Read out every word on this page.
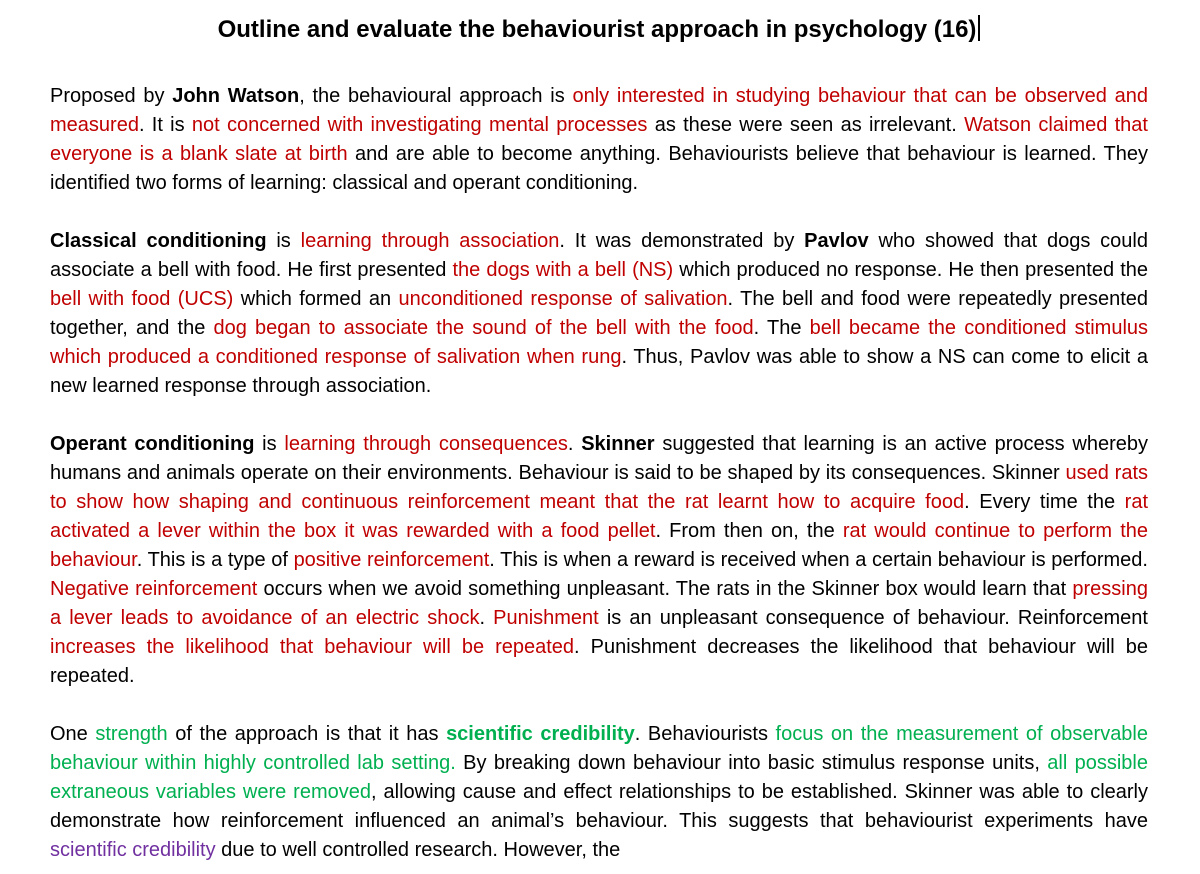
Outline and evaluate the behaviourist approach in psychology (16)

Proposed by John Watson, the behavioural approach is only interested in studying behaviour that can be observed and measured. It is not concerned with investigating mental processes as these were seen as irrelevant. Watson claimed that everyone is a blank slate at birth and are able to become anything. Behaviourists believe that behaviour is learned. They identified two forms of learning: classical and operant conditioning.

Classical conditioning is learning through association. It was demonstrated by Pavlov who showed that dogs could associate a bell with food. He first presented the dogs with a bell (NS) which produced no response. He then presented the bell with food (UCS) which formed an unconditioned response of salivation. The bell and food were repeatedly presented together, and the dog began to associate the sound of the bell with the food. The bell became the conditioned stimulus which produced a conditioned response of salivation when rung. Thus, Pavlov was able to show a NS can come to elicit a new learned response through association.

Operant conditioning is learning through consequences. Skinner suggested that learning is an active process whereby humans and animals operate on their environments. Behaviour is said to be shaped by its consequences. Skinner used rats to show how shaping and continuous reinforcement meant that the rat learnt how to acquire food. Every time the rat activated a lever within the box it was rewarded with a food pellet. From then on, the rat would continue to perform the behaviour. This is a type of positive reinforcement. This is when a reward is received when a certain behaviour is performed. Negative reinforcement occurs when we avoid something unpleasant. The rats in the Skinner box would learn that pressing a lever leads to avoidance of an electric shock. Punishment is an unpleasant consequence of behaviour. Reinforcement increases the likelihood that behaviour will be repeated. Punishment decreases the likelihood that behaviour will be repeated.

One strength of the approach is that it has scientific credibility. Behaviourists focus on the measurement of observable behaviour within highly controlled lab setting. By breaking down behaviour into basic stimulus response units, all possible extraneous variables were removed, allowing cause and effect relationships to be established. Skinner was able to clearly demonstrate how reinforcement influenced an animal’s behaviour. This suggests that behaviourist experiments have scientific credibility due to well controlled research. However, the
